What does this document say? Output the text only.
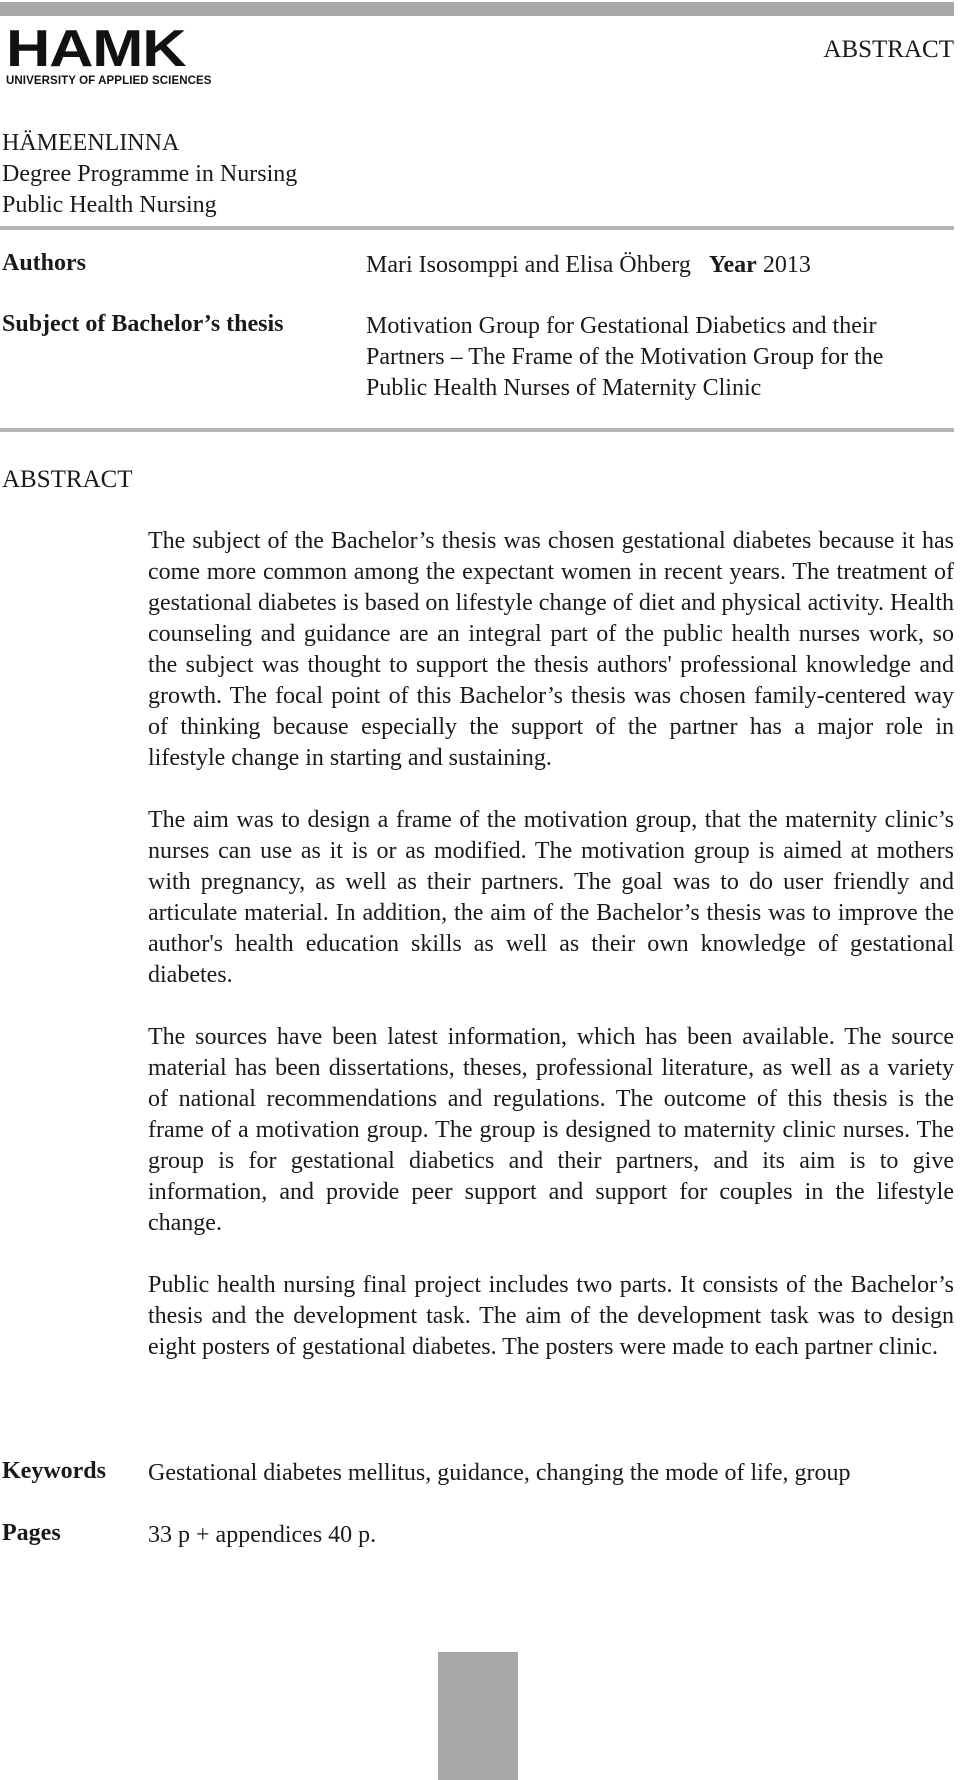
HAMK
UNIVERSITY OF APPLIED SCIENCES
ABSTRACT
HÄMEENLINNA
Degree Programme in Nursing
Public Health Nursing
Authors	Mari Isosomppi and Elisa Öhberg Year 2013
Subject of Bachelor’s thesis	Motivation Group for Gestational Diabetics and their
Partners – The Frame of the Motivation Group for the
Public Health Nurses of Maternity Clinic
ABSTRACT

The subject of the Bachelor’s thesis was chosen gestational diabetes because it has come more common among the expectant women in recent years. The treatment of gestational diabetes is based on lifestyle change of diet and physical activity. Health counseling and guidance are an integral part of the public health nurses work, so the subject was thought to support the thesis authors' professional knowledge and growth. The focal point of this Bachelor’s thesis was chosen family-centered way of thinking because especially the support of the partner has a major role in lifestyle change in starting and sustaining.

The aim was to design a frame of the motivation group, that the maternity clinic’s nurses can use as it is or as modified. The motivation group is aimed at mothers with pregnancy, as well as their partners. The goal was to do user friendly and articulate material. In addition, the aim of the Bachelor’s thesis was to improve the author's health education skills as well as their own knowledge of gestational diabetes.

The sources have been latest information, which has been available. The source material has been dissertations, theses, professional literature, as well as a variety of national recommendations and regulations. The outcome of this thesis is the frame of a motivation group. The group is designed to maternity clinic nurses. The group is for gestational diabetics and their partners, and its aim is to give information, and provide peer support and support for couples in the lifestyle change.

Public health nursing final project includes two parts. It consists of the Bachelor’s thesis and the development task. The aim of the development task was to design eight posters of gestational diabetes. The posters were made to each partner clinic.

Keywords Gestational diabetes mellitus, guidance, changing the mode of life, group
Pages	33 p + appendices 40 p.
